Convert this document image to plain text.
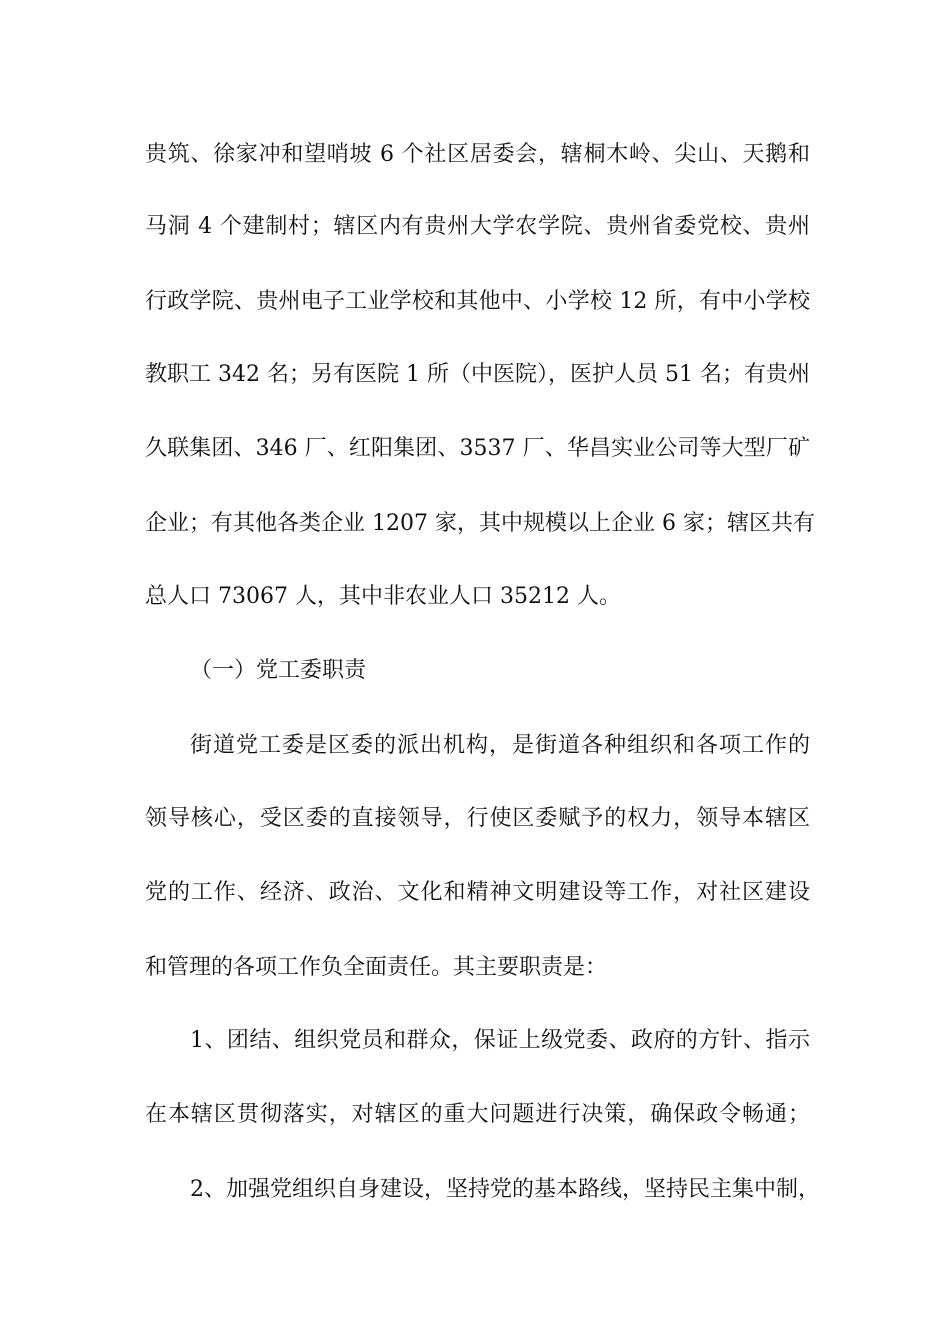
贵筑、徐家冲和望哨坡 6 个社区居委会，辖桐木岭、尖山、天鹅和
马洞 4 个建制村；辖区内有贵州大学农学院、贵州省委党校、贵州
行政学院、贵州电子工业学校和其他中、小学校 12 所，有中小学校
教职工 342 名；另有医院 1 所（中医院），医护人员 51 名；有贵州
久联集团、346 厂、红阳集团、3537 厂、华昌实业公司等大型厂矿
企业；有其他各类企业 1207 家，其中规模以上企业 6 家；辖区共有
总人口 73067 人，其中非农业人口 35212 人。
（一）党工委职责
街道党工委是区委的派出机构，是街道各种组织和各项工作的
领导核心，受区委的直接领导，行使区委赋予的权力，领导本辖区
党的工作、经济、政治、文化和精神文明建设等工作，对社区建设
和管理的各项工作负全面责任。其主要职责是：
1、团结、组织党员和群众，保证上级党委、政府的方针、指示
在本辖区贯彻落实，对辖区的重大问题进行决策，确保政令畅通；
2、加强党组织自身建设，坚持党的基本路线，坚持民主集中制，
